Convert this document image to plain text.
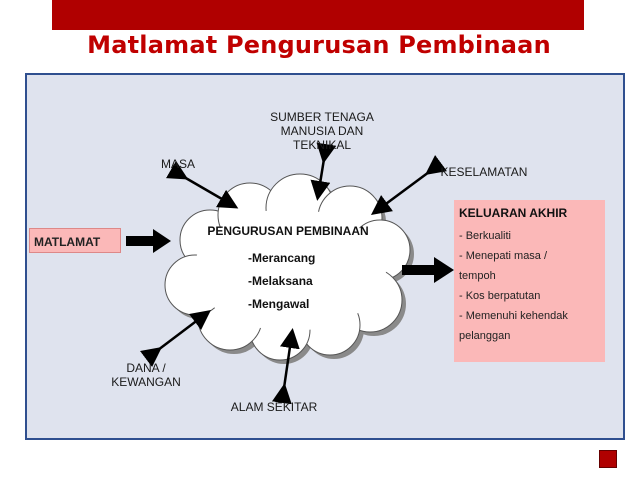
Matlamat Pengurusan Pembinaan
MASA
SUMBER TENAGA
MANUSIA DAN
TEKNIKAL
KESELAMATAN
DANA /
KEWANGAN
ALAM SEKITAR
MATLAMAT
PENGURUSAN PEMBINAAN
-Merancang
-Melaksana
-Mengawal
KELUARAN AKHIR
- Berkualiti
- Menepati masa /
tempoh
- Kos berpatutan
- Memenuhi kehendak
pelanggan
